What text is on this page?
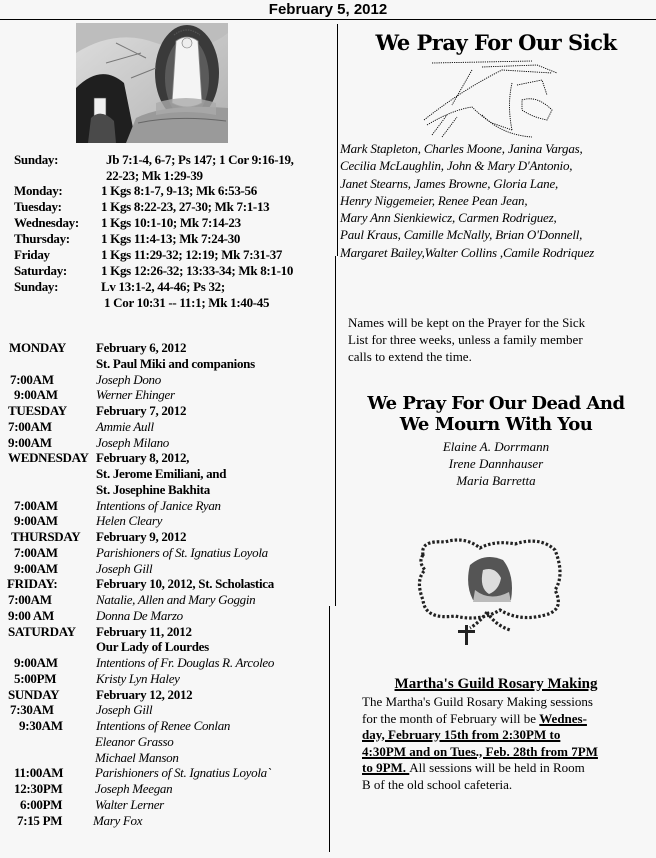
February 5, 2012
Sunday:	Jb 7:1-4, 6-7; Ps 147; 1 Cor 9:16-19,
22-23; Mk 1:29-39
Monday:	1 Kgs 8:1-7, 9-13; Mk 6:53-56
Tuesday:	1 Kgs 8:22-23, 27-30; Mk 7:1-13
Wednesday: 1 Kgs 10:1-10; Mk 7:14-23
Thursday: 1 Kgs 11:4-13; Mk 7:24-30
Friday	1 Kgs 11:29-32; 12:19; Mk 7:31-37
Saturday:	1 Kgs 12:26-32; 13:33-34; Mk 8:1-10
Sunday:	Lv 13:1-2, 44-46; Ps 32;
1 Cor 10:31 -- 11:1; Mk 1:40-45
MONDAY February 6, 2012
St. Paul Miki and companions
7:00AM	Joseph Dono
9:00AM	Werner Ehinger
TUESDAY February 7, 2012
7:00AM	Ammie Aull
9:00AM	Joseph Milano
WEDNESDAY February 8, 2012,
St. Jerome Emiliani, and
St. Josephine Bakhita
7:00AM	Intentions of Janice Ryan
9:00AM	Helen Cleary
THURSDAY February 9, 2012
7:00AM	Parishioners of St. Ignatius Loyola
9:00AM	Joseph Gill
FRIDAY:	February 10, 2012, St. Scholastica
7:00AM	Natalie, Allen and Mary Goggin
9:00 AM	Donna De Marzo
SATURDAY February 11, 2012
Our Lady of Lourdes
9:00AM	Intentions of Fr. Douglas R. Arcoleo
5:00PM	Kristy Lyn Haley
SUNDAY	February 12, 2012
7:30AM	Joseph Gill
9:30AM	Intentions of Renee Conlan
Eleanor Grasso
Michael Manson
11:00AM Parishioners of St. Ignatius Loyola`
12:30PM	Joseph Meegan
6:00PM	Walter Lerner
7:15 PM Mary Fox
We Pray For Our Sick
Mark Stapleton, Charles Moone, Janina Vargas,
Cecilia McLaughlin, John & Mary D'Antonio,
Janet Stearns, James Browne, Gloria Lane,
Henry Niggemeier, Renee Pean Jean,
Mary Ann Sienkiewicz, Carmen Rodriguez,
Paul Kraus, Camille McNally, Brian O'Donnell,
Margaret Bailey,Walter Collins ,Camile Rodriquez
Names will be kept on the Prayer for the Sick
List for three weeks, unless a family member
calls to extend the time.
We Pray For Our Dead And
We Mourn With You
Elaine A. Dorrmann
Irene Dannhauser
Maria Barretta
Martha's Guild Rosary Making
The Martha's Guild Rosary Making sessions
for the month of February will be Wednes-
day, February 15th from 2:30PM to
4:30PM and on Tues., Feb. 28th from 7PM
to 9PM. All sessions will be held in Room
B of the old school cafeteria.
